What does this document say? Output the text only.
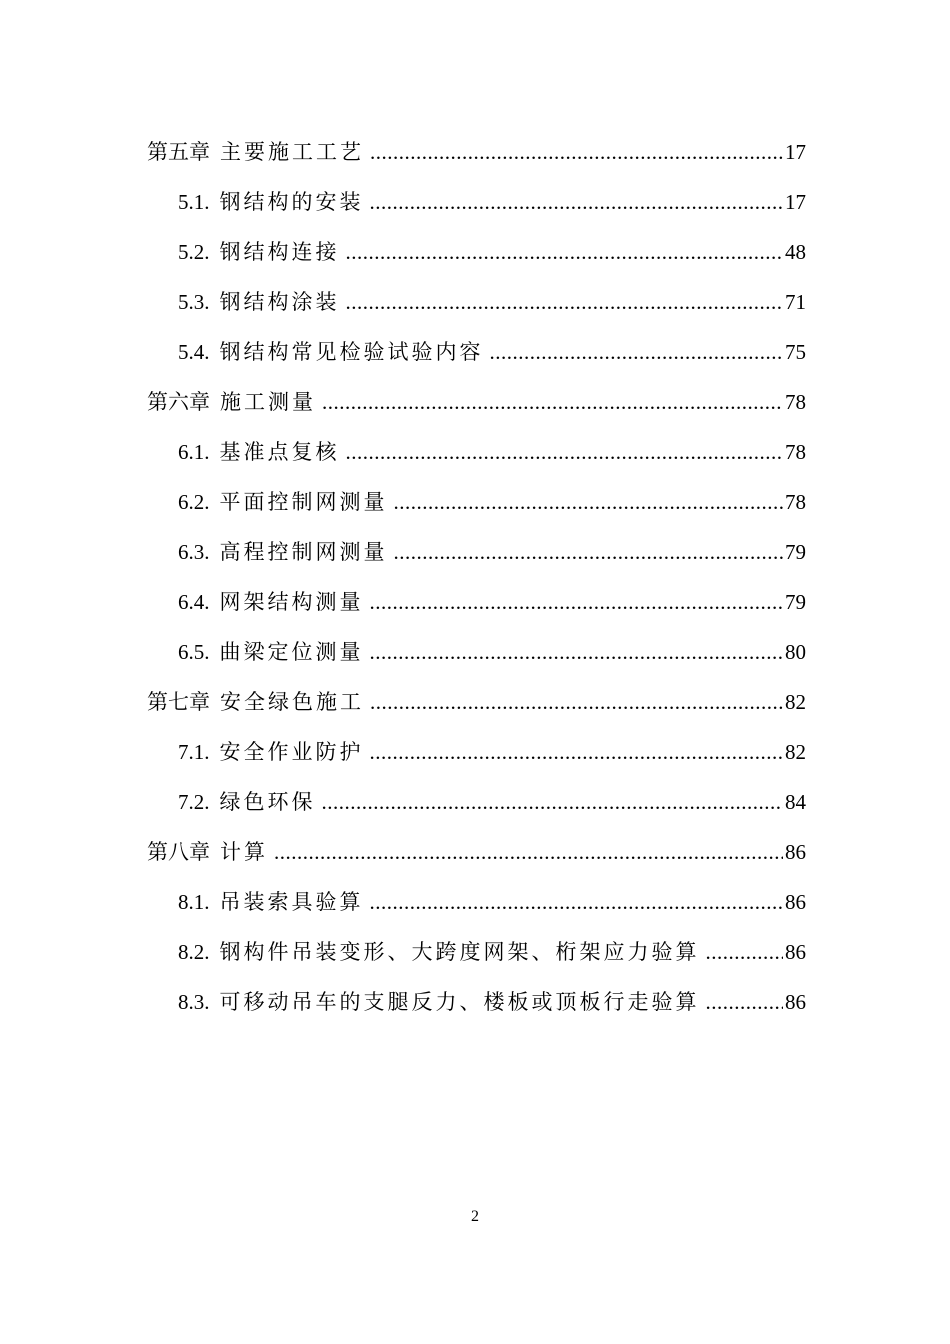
第五章 主要施工工艺 .....	17
5.1. 钢结构的安装 .....	17
5.2. 钢结构连接 .....	48
5.3. 钢结构涂装 .....	71
5.4. 钢结构常见检验试验内容 .....	75
第六章 施工测量 .....	78
6.1. 基准点复核 .....	78
6.2. 平面控制网测量 .....	78
6.3. 高程控制网测量 .....	79
6.4. 网架结构测量 .....	79
6.5. 曲梁定位测量 .....	80
第七章 安全绿色施工 .....	82
7.1. 安全作业防护 .....	82
7.2. 绿色环保 .....	84
第八章 计算 .....	86
8.1. 吊装索具验算 .....	86
8.2. 钢构件吊装变形、大跨度网架、桁架应力验算 .....	86
8.3. 可移动吊车的支腿反力、楼板或顶板行走验算 .....	86
2
